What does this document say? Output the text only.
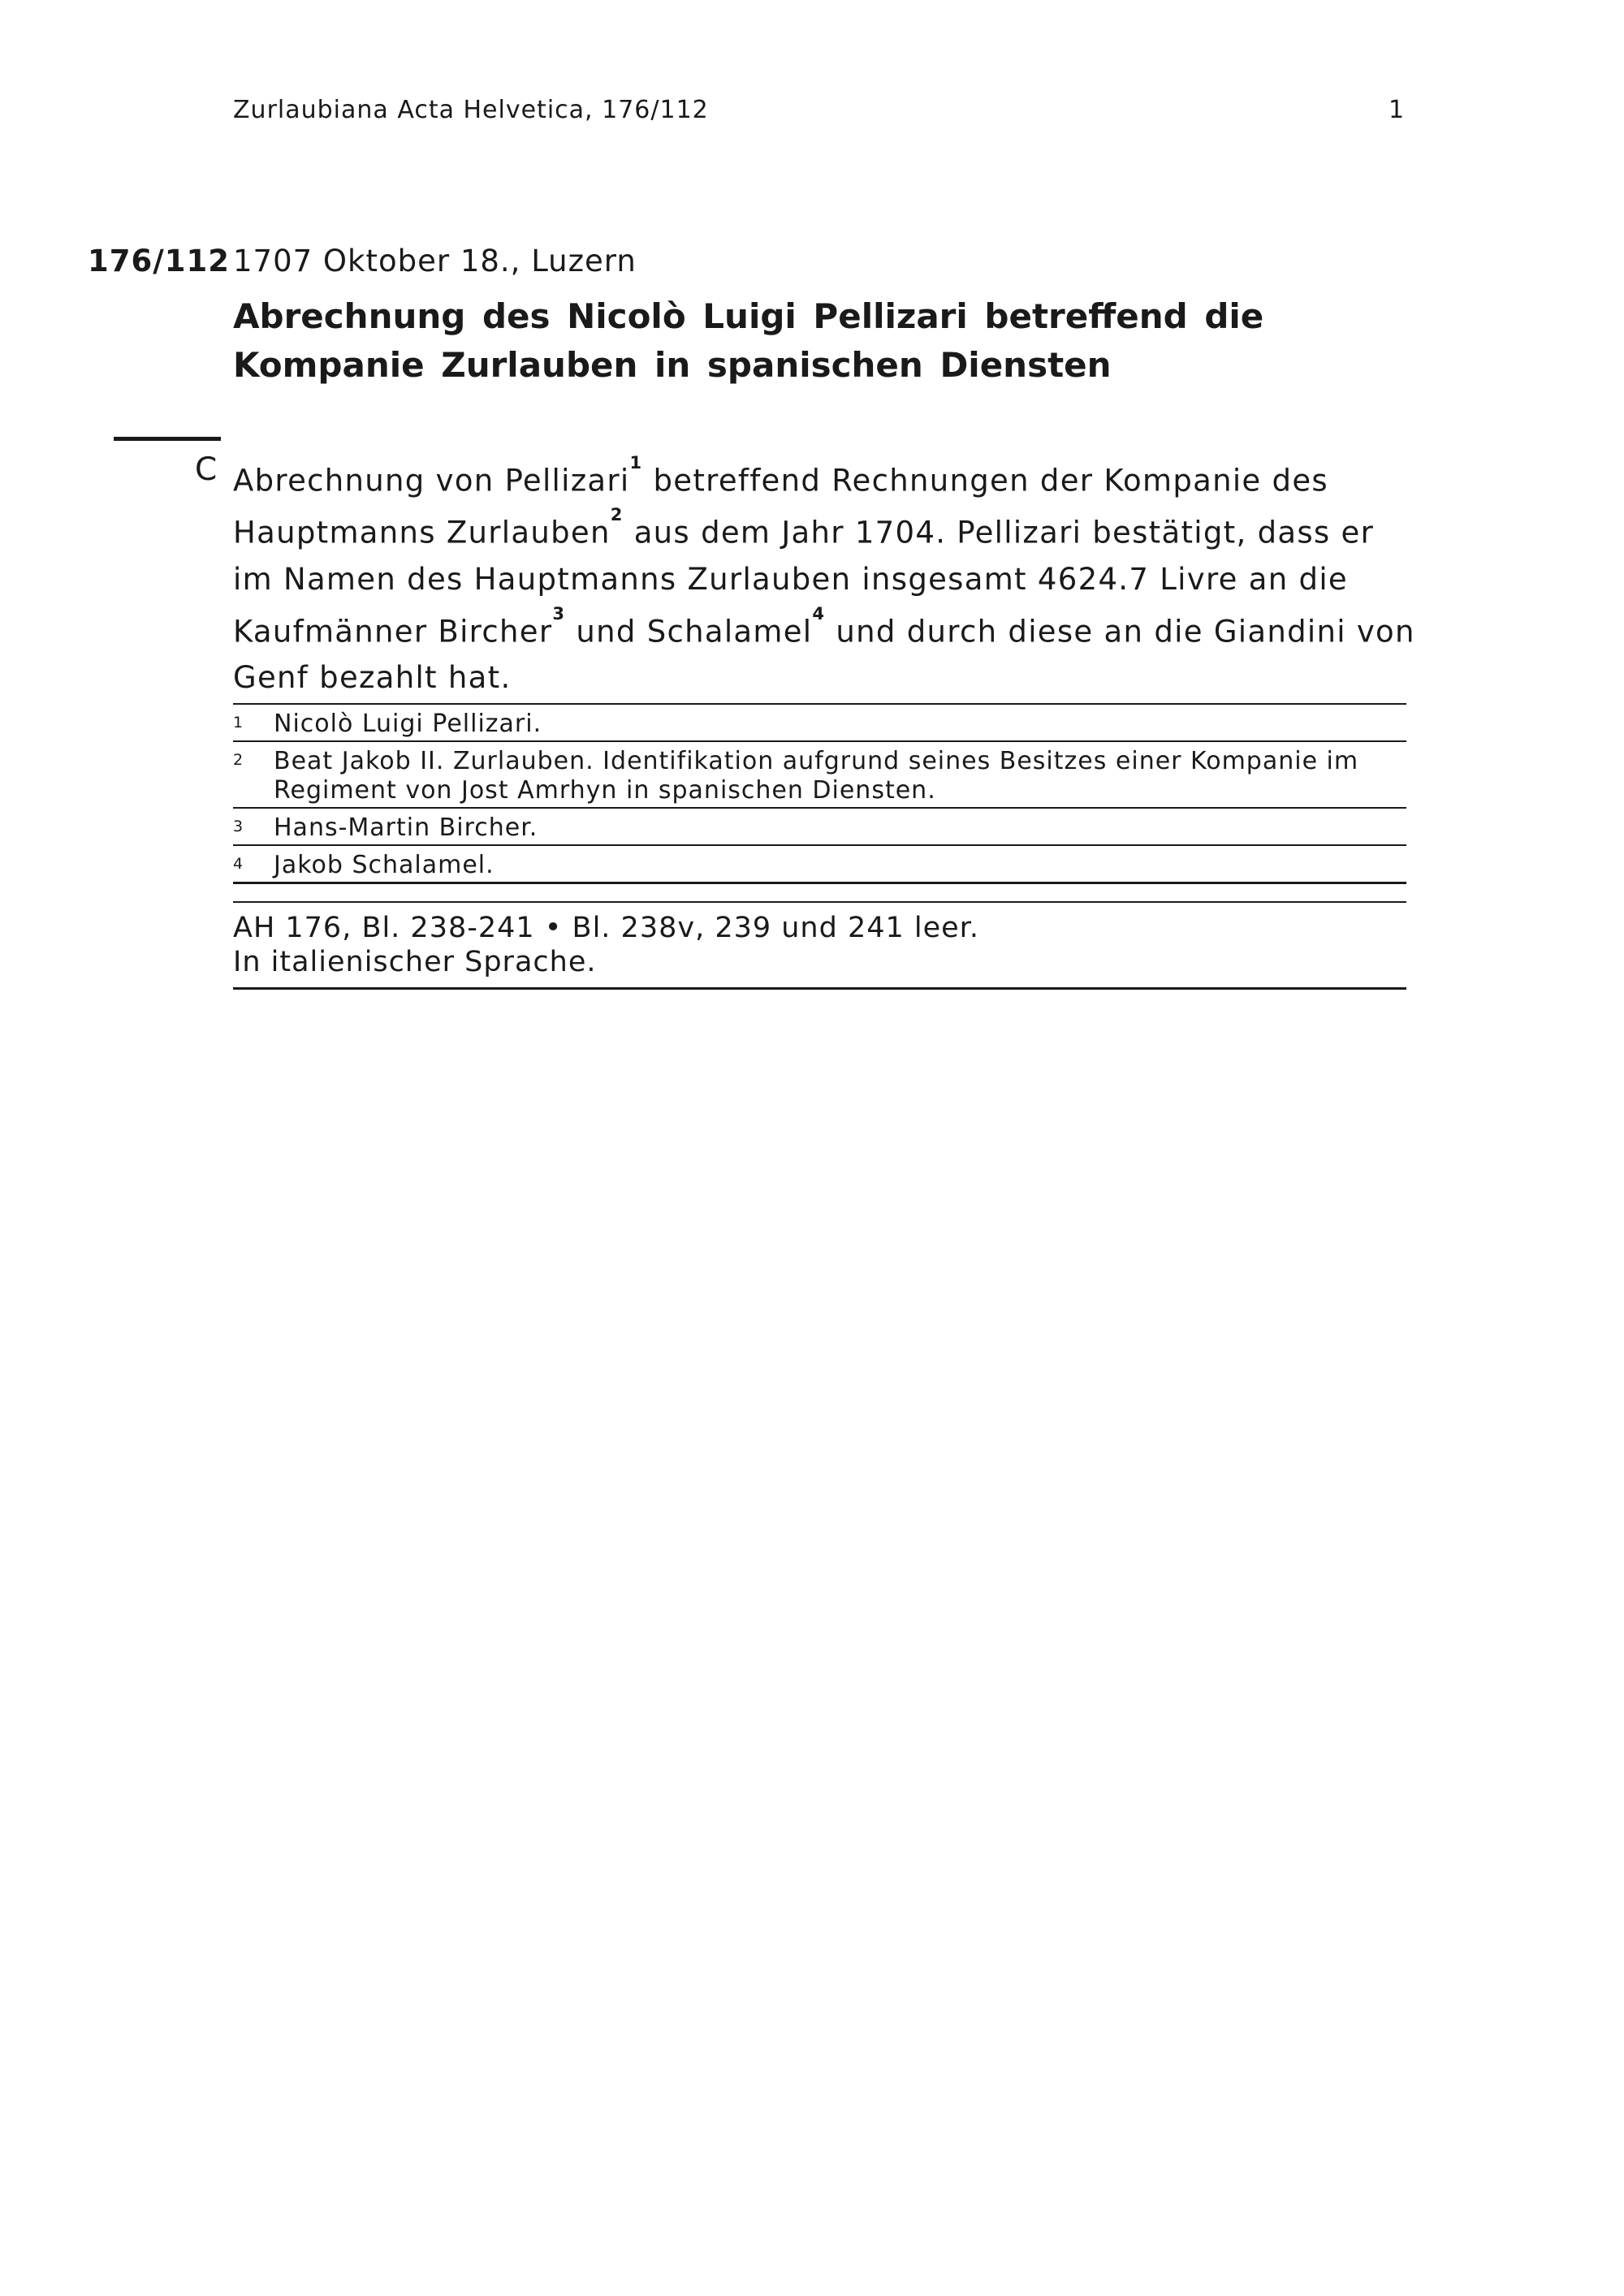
Zurlaubiana Acta Helvetica, 176/112	1
176/112 1707 Oktober 18., Luzern
Abrechnung des Nicolò Luigi Pellizari betreffend die Kompanie Zurlauben in spanischen Diensten
C Abrechnung von Pellizari$^1$ betreffend Rechnungen der Kompanie des Hauptmanns Zurlauben$^2$ aus dem Jahr 1704. Pellizari bestätigt, dass er im Namen des Hauptmanns Zurlauben insgesamt 4624.7 Livre an die Kaufmänner Bircher$^3$ und Schalamel$^4$ und durch diese an die Giandini von Genf bezahlt hat.

1 Nicolò Luigi Pellizari.
2 Beat Jakob II. Zurlauben. Identifikation aufgrund seines Besitzes einer Kompanie im Regiment von Jost Amrhyn in spanischen Diensten.
3 Hans-Martin Bircher.
4 Jakob Schalamel.
AH 176, Bl. 238-241 • Bl. 238v, 239 und 241 leer.
In italienischer Sprache.
